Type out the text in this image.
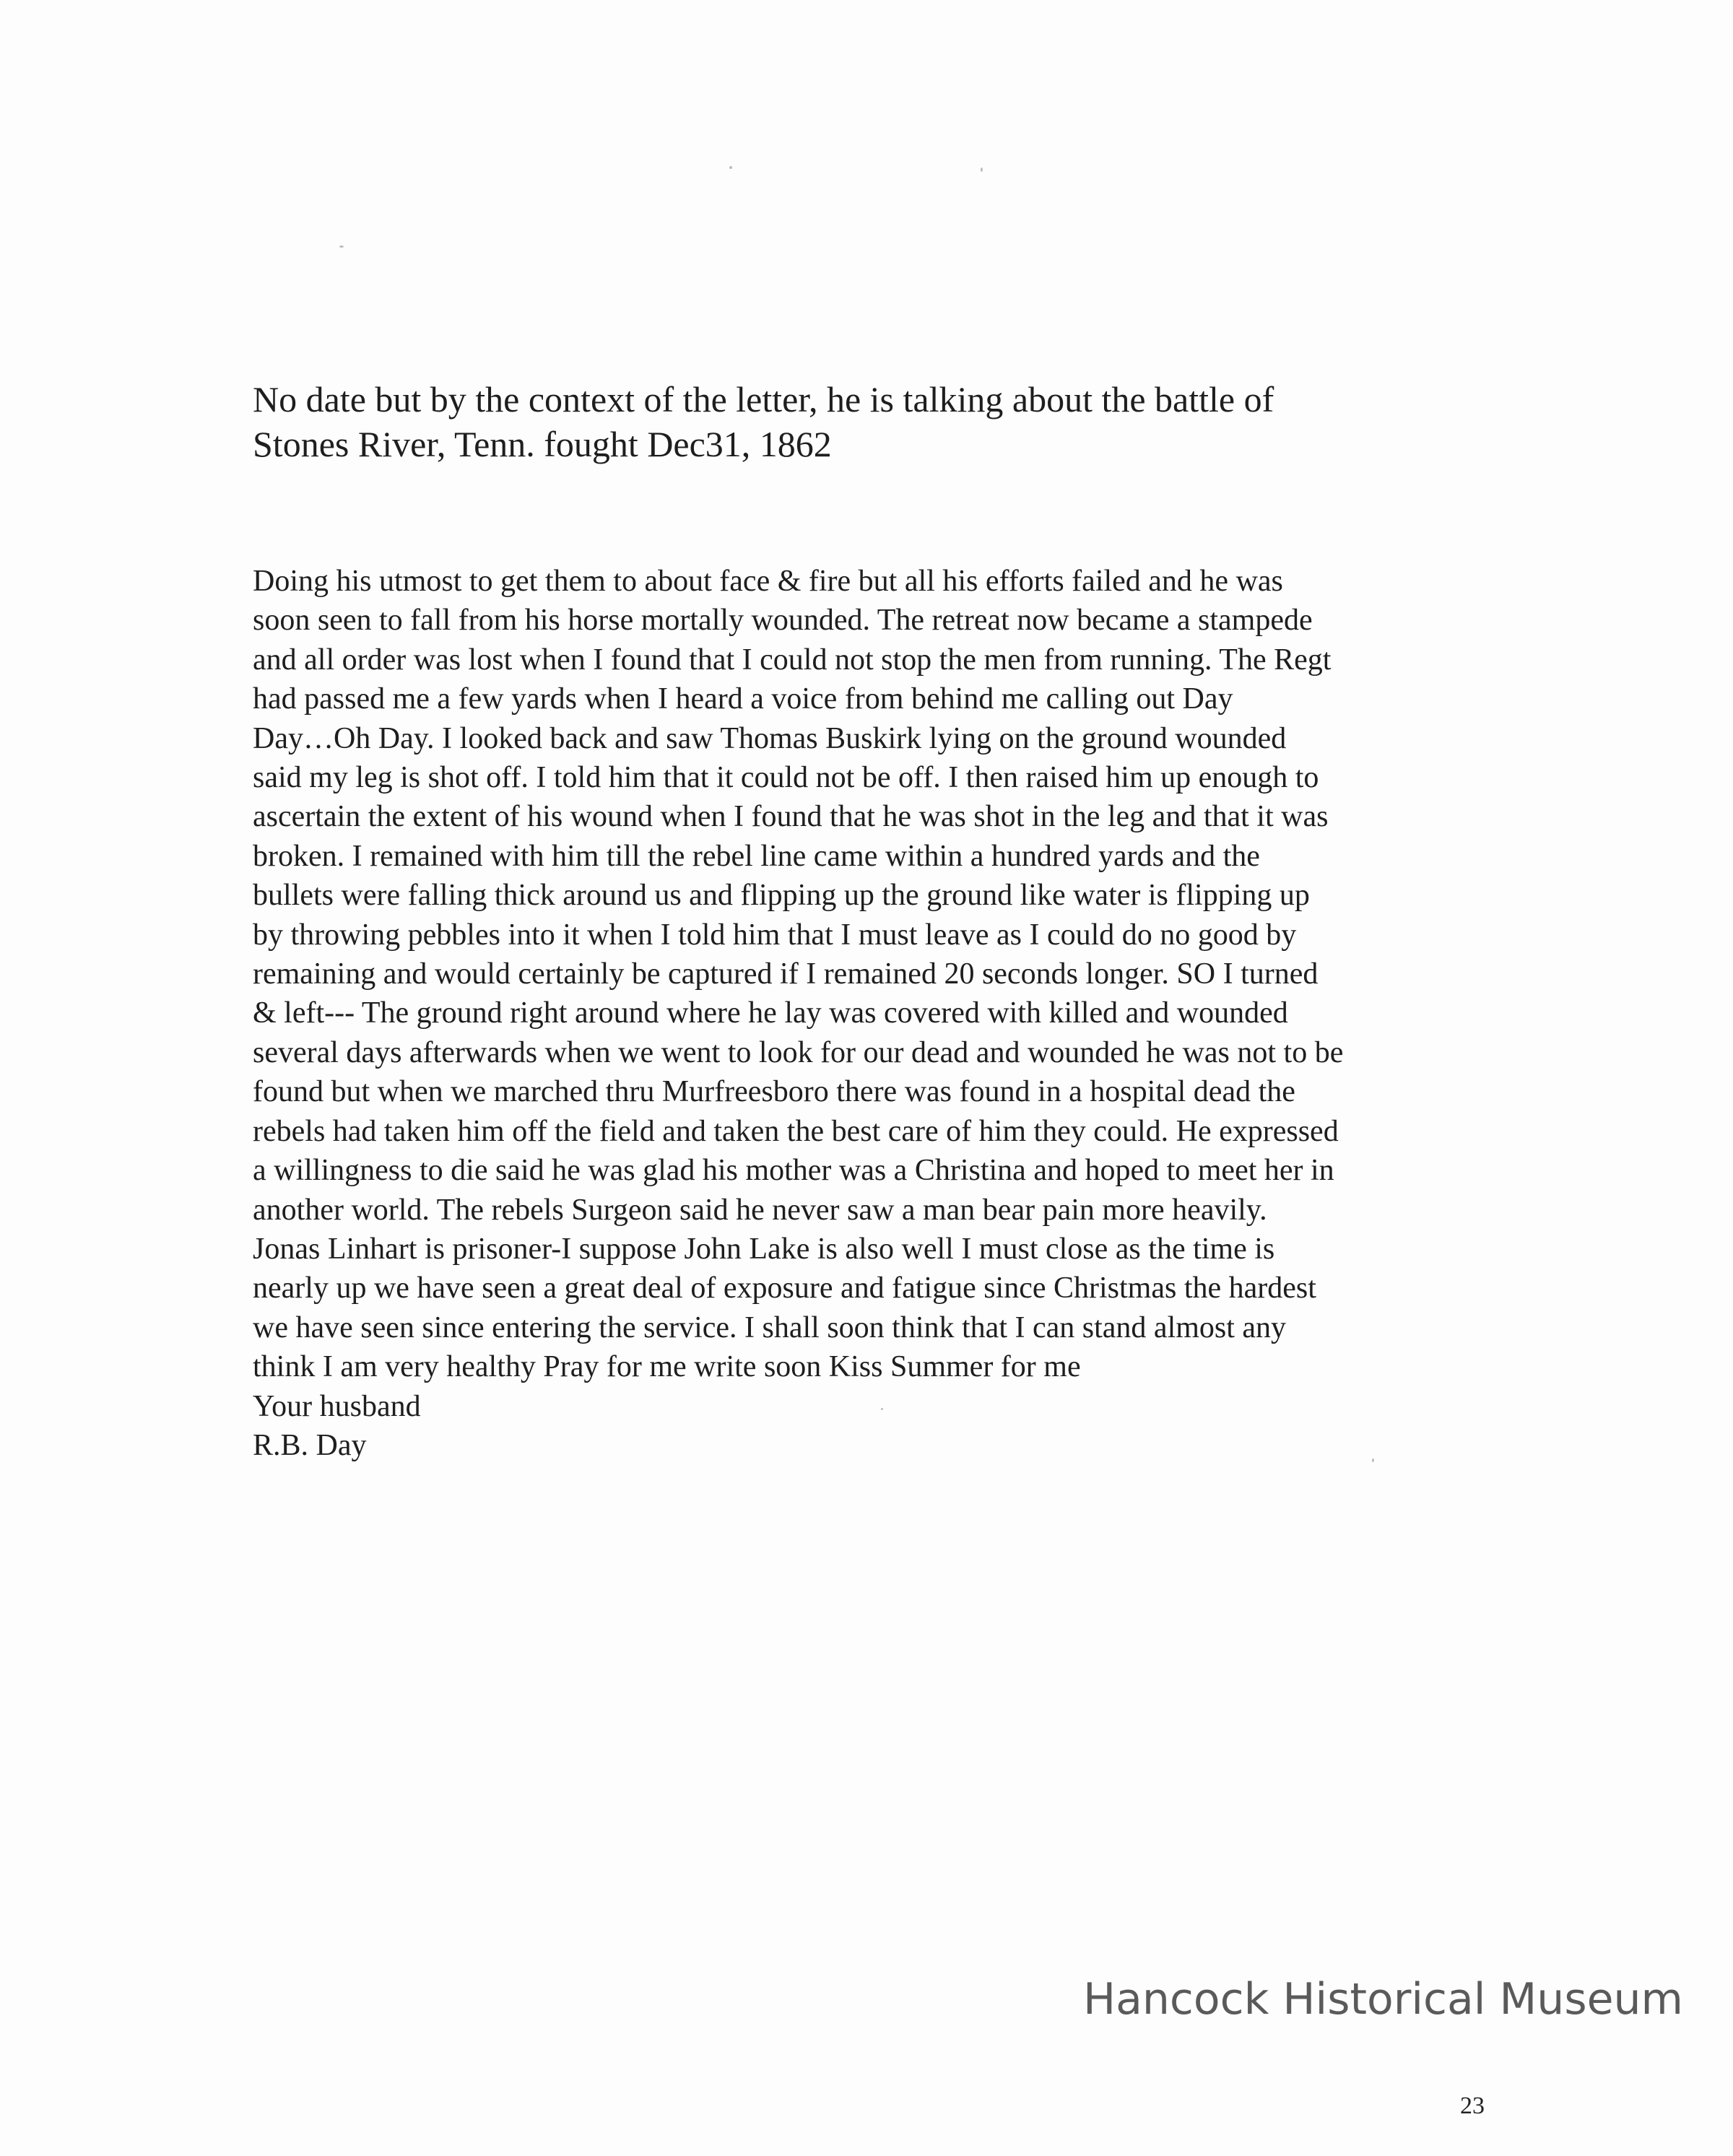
No date but by the context of the letter, he is talking about the battle of
Stones River, Tenn. fought Dec31, 1862
Doing his utmost to get them to about face & fire but all his efforts failed and he was
soon seen to fall from his horse mortally wounded. The retreat now became a stampede
and all order was lost when I found that I could not stop the men from running. The Regt
had passed me a few yards when I heard a voice from behind me calling out Day
Day…Oh Day. I looked back and saw Thomas Buskirk lying on the ground wounded
said my leg is shot off. I told him that it could not be off. I then raised him up enough to
ascertain the extent of his wound when I found that he was shot in the leg and that it was
broken. I remained with him till the rebel line came within a hundred yards and the
bullets were falling thick around us and flipping up the ground like water is flipping up
by throwing pebbles into it when I told him that I must leave as I could do no good by
remaining and would certainly be captured if I remained 20 seconds longer. SO I turned
& left--- The ground right around where he lay was covered with killed and wounded
several days afterwards when we went to look for our dead and wounded he was not to be
found but when we marched thru Murfreesboro there was found in a hospital dead the
rebels had taken him off the field and taken the best care of him they could. He expressed
a willingness to die said he was glad his mother was a Christina and hoped to meet her in
another world. The rebels Surgeon said he never saw a man bear pain more heavily.
Jonas Linhart is prisoner-I suppose John Lake is also well I must close as the time is
nearly up we have seen a great deal of exposure and fatigue since Christmas the hardest
we have seen since entering the service. I shall soon think that I can stand almost any
think I am very healthy Pray for me write soon Kiss Summer for me
Your husband
R.B. Day
Hancock Historical Museum
23
